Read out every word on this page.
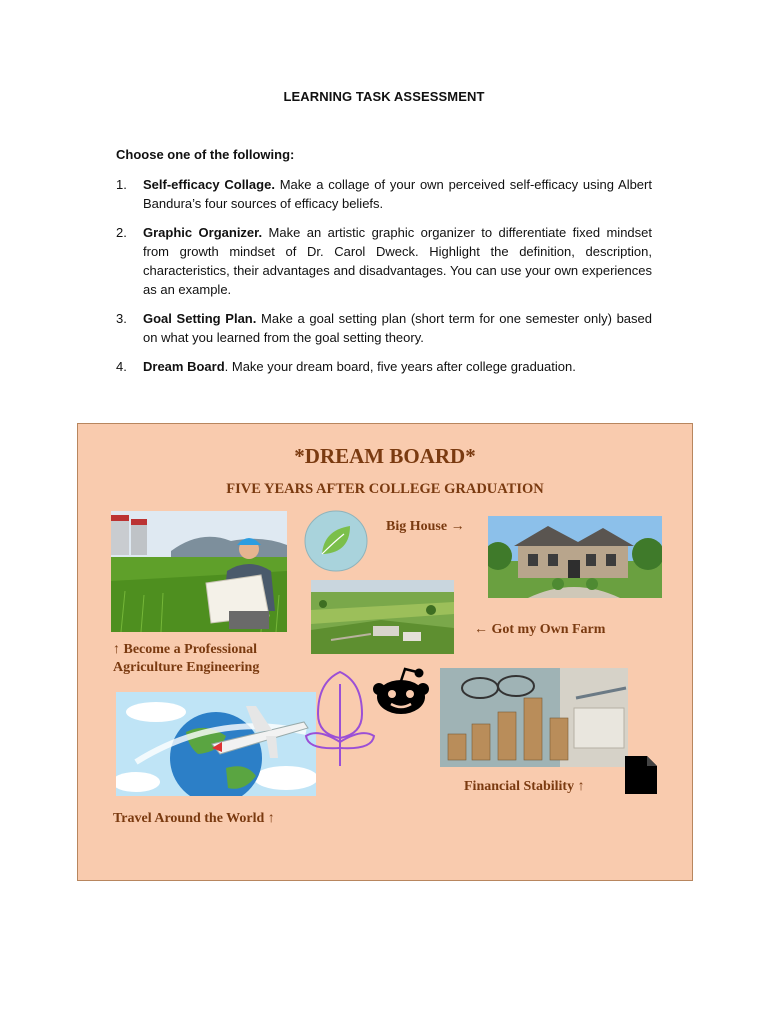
LEARNING TASK ASSESSMENT
Choose one of the following:
1.	Self-efficacy Collage. Make a collage of your own perceived self-efficacy using Albert Bandura’s four sources of efficacy beliefs.
2.	Graphic Organizer. Make an artistic graphic organizer to differentiate fixed mindset from growth mindset of Dr. Carol Dweck. Highlight the definition, description, characteristics, their advantages and disadvantages. You can use your own experiences as an example.
3.	Goal Setting Plan. Make a goal setting plan (short term for one semester only) based on what you learned from the goal setting theory.
4.	Dream Board. Make your dream board, five years after college graduation.
*DREAM BOARD*
FIVE YEARS AFTER COLLEGE GRADUATION
↑ Become a Professional
Agriculture Engineering
Big House →
← Got my Own Farm
Travel Around the World ↑
Financial Stability ↑
